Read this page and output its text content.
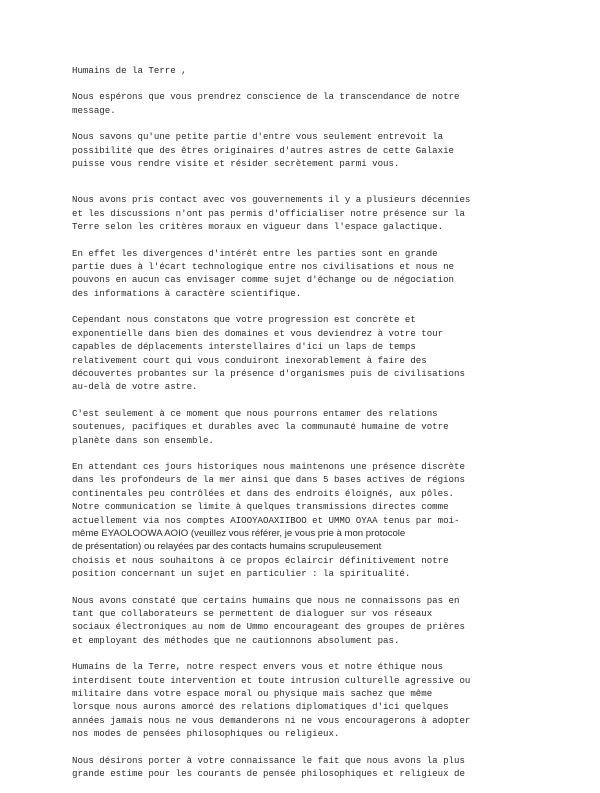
Humains de la Terre ,
Nous espérons que vous prendrez conscience de la transcendance de notre
message.
Nous savons qu'une petite partie d'entre vous seulement entrevoit la
possibilité que des êtres originaires d'autres astres de cette Galaxie
puisse vous rendre visite et résider secrètement parmi vous.
Nous avons pris contact avec vos gouvernements il y a plusieurs décennies
et les discussions n'ont pas permis d'officialiser notre présence sur la
Terre selon les critères moraux en vigueur dans l'espace galactique.
En effet les divergences d'intérêt entre les parties sont en grande
partie dues à l'écart technologique entre nos civilisations et nous ne
pouvons en aucun cas envisager comme sujet d'échange ou de négociation
des informations à caractère scientifique.
Cependant nous constatons que votre progression est concrète et
exponentielle dans bien des domaines et vous deviendrez à votre tour
capables de déplacements interstellaires d'ici un laps de temps
relativement court qui vous conduiront inexorablement à faire des
découvertes probantes sur la présence d'organismes puis de civilisations
au-delà de votre astre.
C'est seulement à ce moment que nous pourrons entamer des relations
soutenues, pacifiques et durables avec la communauté humaine de votre
planète dans son ensemble.
En attendant ces jours historiques nous maintenons une présence discrète
dans les profondeurs de la mer ainsi que dans 5 bases actives de régions
continentales peu contrôlées et dans des endroits éloignés, aux pôles.
Notre communication se limite à quelques transmissions directes comme
actuellement via nos comptes AIOOYAOAXIIBOO et UMMO OYAA tenus par moi-
même EYAOLOOWA AOIO (veuillez vous référer, je vous prie à mon protocole
de présentation) ou relayées par des contacts humains scrupuleusement
choisis et nous souhaitons à ce propos éclaircir définitivement notre
position concernant un sujet en particulier : la spiritualité.
Nous avons constaté que certains humains que nous ne connaissons pas en
tant que collaborateurs se permettent de dialoguer sur vos réseaux
sociaux électroniques au nom de Ummo encourageant des groupes de prières
et employant des méthodes que ne cautionnons absolument pas.
Humains de la Terre, notre respect envers vous et notre éthique nous
interdisent toute intervention et toute intrusion culturelle agressive ou
militaire dans votre espace moral ou physique mais sachez que même
lorsque nous aurons amorcé des relations diplomatiques d'ici quelques
années jamais nous ne vous demanderons ni ne vous encouragerons à adopter
nos modes de pensées philosophiques ou religieux.
Nous désirons porter à votre connaissance le fait que nous avons la plus
grande estime pour les courants de pensée philosophiques et religieux de
